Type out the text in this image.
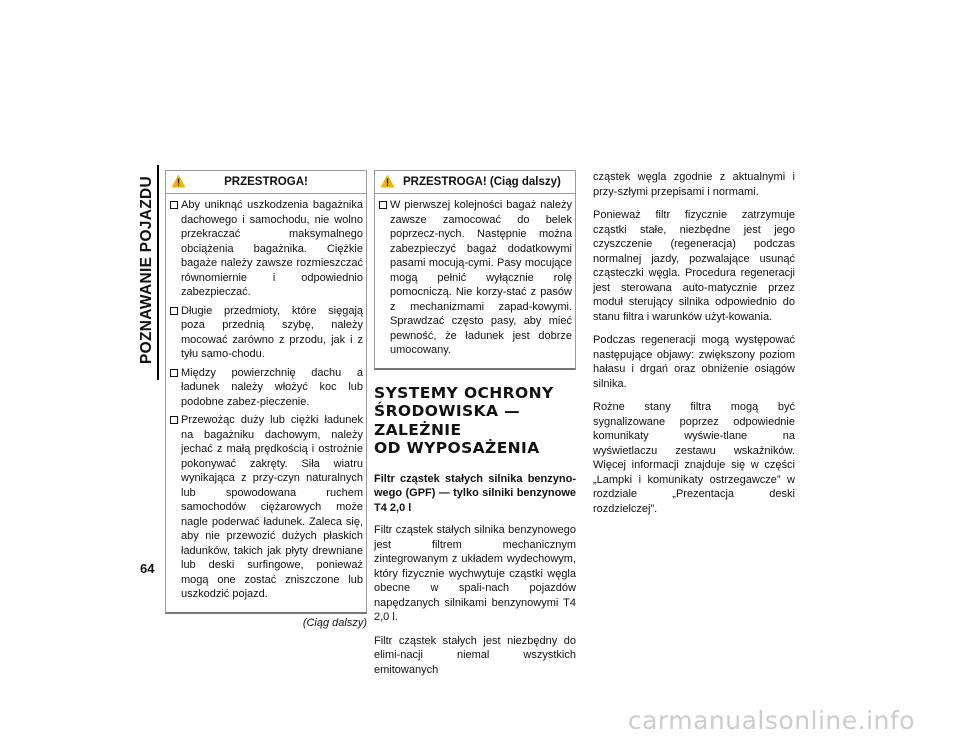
POZNAWANIE POJAZDU
64
PRZESTROGA!
Aby uniknąć uszkodzenia bagażnika dachowego i samochodu, nie wolno przekraczać maksymalnego obciążenia bagażnika. Ciężkie bagaże należy zawsze rozmieszczać równomiernie i odpowiednio zabezpieczać.
Długie przedmioty, które sięgają poza przednią szybę, należy mocować zarówno z przodu, jak i z tyłu samo-chodu.
Między powierzchnię dachu a ładunek należy włożyć koc lub podobne zabez-pieczenie.
Przewożąc duży lub ciężki ładunek na bagażniku dachowym, należy jechać z małą prędkością i ostrożnie pokonywać zakręty. Siła wiatru wynikająca z przy-czyn naturalnych lub spowodowana ruchem samochodów ciężarowych może nagle poderwać ładunek. Zaleca się, aby nie przewozić dużych płaskich ładunków, takich jak płyty drewniane lub deski surfingowe, ponieważ mogą one zostać zniszczone lub uszkodzić pojazd.
(Ciąg dalszy)
PRZESTROGA! (Ciąg dalszy)
W pierwszej kolejności bagaż należy zawsze zamocować do belek poprzecz-nych. Następnie można zabezpieczyć bagaż dodatkowymi pasami mocują-cymi. Pasy mocujące mogą pełnić wyłącznie rolę pomocniczą. Nie korzy-stać z pasów z mechanizmami zapad-kowymi. Sprawdzać często pasy, aby mieć pewność, że ładunek jest dobrze umocowany.
SYSTEMY OCHRONY
ŚRODOWISKA — ZALEŻNIE
OD WYPOSAŻENIA
Filtr cząstek stałych silnika benzyno-wego (GPF) — tylko silniki benzynowe T4 2,0 l

Filtr cząstek stałych silnika benzynowego jest filtrem mechanicznym zintegrowanym z układem wydechowym, który fizycznie wychwytuje cząstki węgla obecne w spali-nach pojazdów napędzanych silnikami benzynowymi T4 2,0 l.

Filtr cząstek stałych jest niezbędny do elimi-nacji niemal wszystkich emitowanych

cząstek węgla zgodnie z aktualnymi i przy-szłymi przepisami i normami.

Ponieważ filtr fizycznie zatrzymuje cząstki stałe, niezbędne jest jego czyszczenie (regeneracja) podczas normalnej jazdy, pozwalające usunąć cząsteczki węgla. Procedura regeneracji jest sterowana auto-matycznie przez moduł sterujący silnika odpowiednio do stanu filtra i warunków użyt-kowania.

Podczas regeneracji mogą występować następujące objawy: zwiększony poziom hałasu i drgań oraz obniżenie osiągów silnika.

Rożne stany filtra mogą być sygnalizowane poprzez odpowiednie komunikaty wyświe-tlane na wyświetlaczu zestawu wskaźników. Więcej informacji znajduje się w części „Lampki i komunikaty ostrzegawcze” w rozdziale „Prezentacja deski rozdzielczej”.

carmanualsonline.info
